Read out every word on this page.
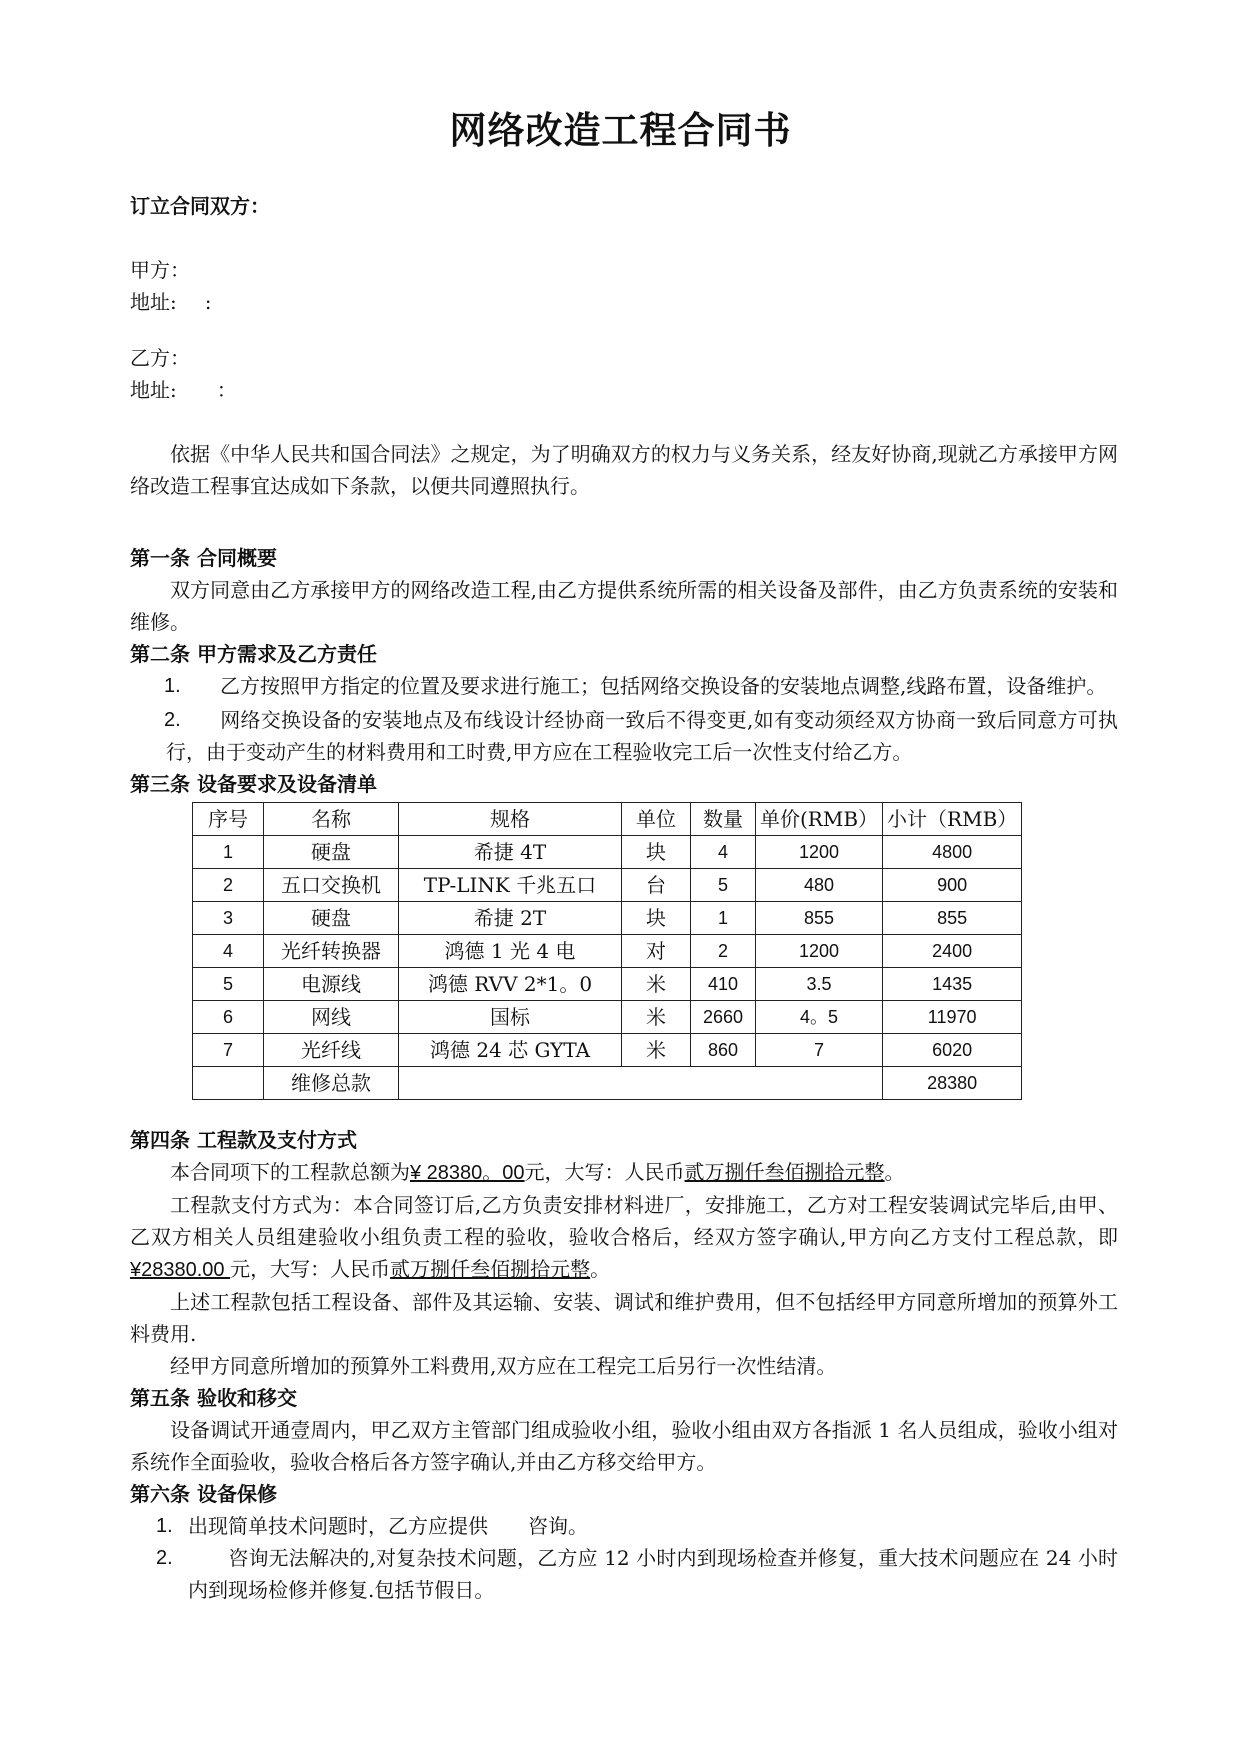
网络改造工程合同书

订立合同双方：

甲方：

地址: :

乙方：

地址: ：

依据《中华人民共和国合同法》之规定，为了明确双方的权力与义务关系，经友好协商,现就乙方承接甲方网络改造工程事宜达成如下条款，以便共同遵照执行。

第一条 合同概要

双方同意由乙方承接甲方的网络改造工程,由乙方提供系统所需的相关设备及部件，由乙方负责系统的安装和维修。

第二条 甲方需求及乙方责任

1.	乙方按照甲方指定的位置及要求进行施工；包括网络交换设备的安装地点调整,线路布置，设备维护。

2.	网络交换设备的安装地点及布线设计经协商一致后不得变更,如有变动须经双方协商一致后同意方可执行，由于变动产生的材料费用和工时费,甲方应在工程验收完工后一次性支付给乙方。

第三条 设备要求及设备清单

序号	名称	规格	单位	数量	单价(RMB）	小计（RMB）
1	硬盘	希捷 4T	块	4	1200	4800
2	五口交换机	TP-LINK 千兆五口	台	5	480	900
3	硬盘	希捷 2T	块	1	855	855
4	光纤转换器	鸿德 1 光 4 电	对	2	1200	2400
5	电源线	鸿德 RVV 2*1。0	米	410	3.5	1435
6	网线	国标	米	2660	4。5	11970
7	光纤线	鸿德 24 芯 GYTA	米	860	7	6020
	维修总款					28380

第四条 工程款及支付方式

本合同项下的工程款总额为¥ 28380。00元，大写：人民币贰万捌仟叁佰捌拾元整。

工程款支付方式为：本合同签订后,乙方负责安排材料进厂，安排施工，乙方对工程安装调试完毕后,由甲、乙双方相关人员组建验收小组负责工程的验收，验收合格后，经双方签字确认,甲方向乙方支付工程总款，即¥28380.00 元，大写：人民币贰万捌仟叁佰捌拾元整。

上述工程款包括工程设备、部件及其运输、安装、调试和维护费用，但不包括经甲方同意所增加的预算外工料费用.

经甲方同意所增加的预算外工料费用,双方应在工程完工后另行一次性结清。

第五条 验收和移交

设备调试开通壹周内，甲乙双方主管部门组成验收小组，验收小组由双方各指派 1 名人员组成，验收小组对系统作全面验收，验收合格后各方签字确认,并由乙方移交给甲方。

第六条 设备保修

1. 出现简单技术问题时，乙方应提供　　咨询。

2. 　　咨询无法解决的,对复杂技术问题，乙方应 12 小时内到现场检查并修复，重大技术问题应在 24 小时内到现场检修并修复.包括节假日。
